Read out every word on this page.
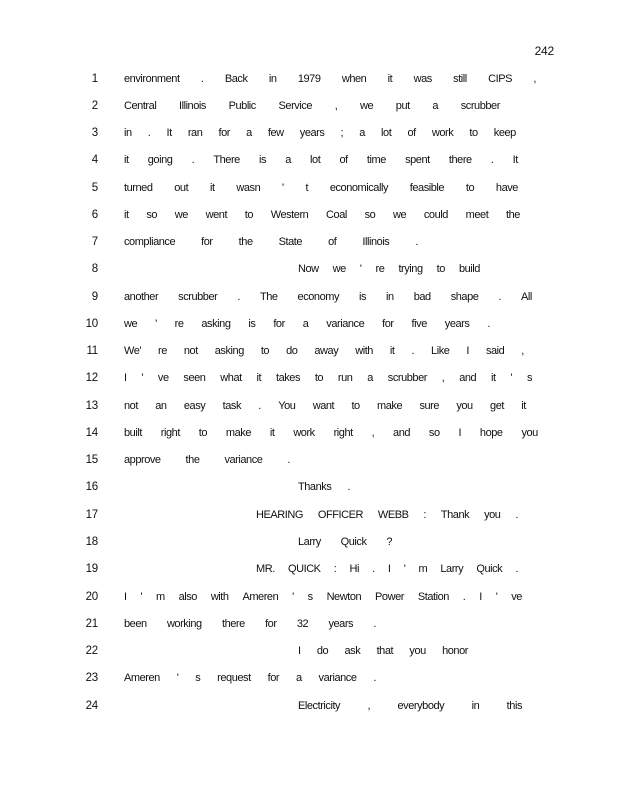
242
1 environment . Back in 1979 when it was still CIPS ,
2 Central Illinois Public Service , we put a scrubber
3 in . It ran for a few years ; a lot of work to keep
4 it going . There is a lot of time spent there . It
5 turned out it wasn ' t economically feasible to have
6 it so we went to Western Coal so we could meet the
7 compliance for the State of Illinois .
8	Now we ' re trying to build
9 another scrubber . The economy is in bad shape . All
10 we ' re asking is for a variance for five years .
11 We' re not asking to do away with it . Like I said ,
12 I ' ve seen what it takes to run a scrubber , and it ' s
13 not an easy task . You want to make sure you get it
14 built right to make it work right , and so I hope you
15 approve the variance .
16	Thanks .
17	HEARING OFFICER WEBB : Thank you .
18	Larry Quick ?
19	MR. QUICK : Hi . I ' m Larry Quick .
20 I ' m also with Ameren ' s Newton Power Station . I ' ve
21 been working there for 32 years .
22	I do ask that you honor
23 Ameren ' s request for a variance .
24	Electricity , everybody in this
